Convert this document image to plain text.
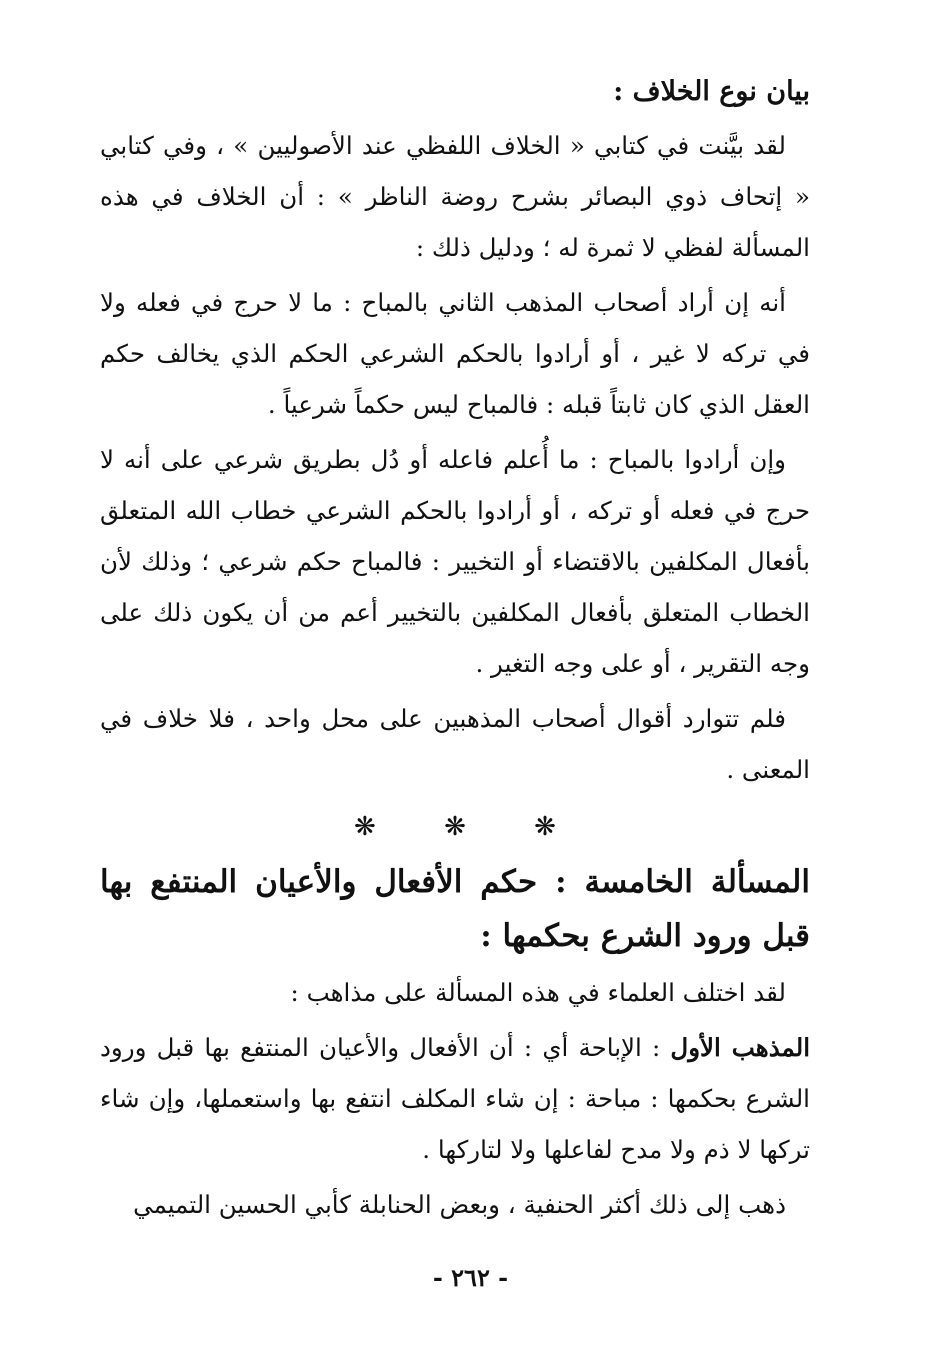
بيان نوع الخلاف :

لقد بيَّنت في كتابي « الخلاف اللفظي عند الأصوليين » ، وفي كتابي « إتحاف ذوي البصائر بشرح روضة الناظر » : أن الخلاف في هذه المسألة لفظي لا ثمرة له ؛ ودليل ذلك :

أنه إن أراد أصحاب المذهب الثاني بالمباح : ما لا حرج في فعله ولا في تركه لا غير ، أو أرادوا بالحكم الشرعي الحكم الذي يخالف حكم العقل الذي كان ثابتاً قبله : فالمباح ليس حكماً شرعياً .

وإن أرادوا بالمباح : ما أُعلم فاعله أو دُل بطريق شرعي على أنه لا حرج في فعله أو تركه ، أو أرادوا بالحكم الشرعي خطاب الله المتعلق بأفعال المكلفين بالاقتضاء أو التخيير : فالمباح حكم شرعي ؛ وذلك لأن الخطاب المتعلق بأفعال المكلفين بالتخيير أعم من أن يكون ذلك على وجه التقرير ، أو على وجه التغير .

فلم تتوارد أقوال أصحاب المذهبين على محل واحد ، فلا خلاف في المعنى .

❋ ❋ ❋
المسألة الخامسة : حكم الأفعال والأعيان المنتفع بها قبل ورود الشرع بحكمها :

لقد اختلف العلماء في هذه المسألة على مذاهب :

المذهب الأول : الإباحة أي : أن الأفعال والأعيان المنتفع بها قبل ورود الشرع بحكمها : مباحة : إن شاء المكلف انتفع بها واستعملها، وإن شاء تركها لا ذم ولا مدح لفاعلها ولا لتاركها .

ذهب إلى ذلك أكثر الحنفية ، وبعض الحنابلة كأبي الحسين التميمي

- ٢٦٢ -
